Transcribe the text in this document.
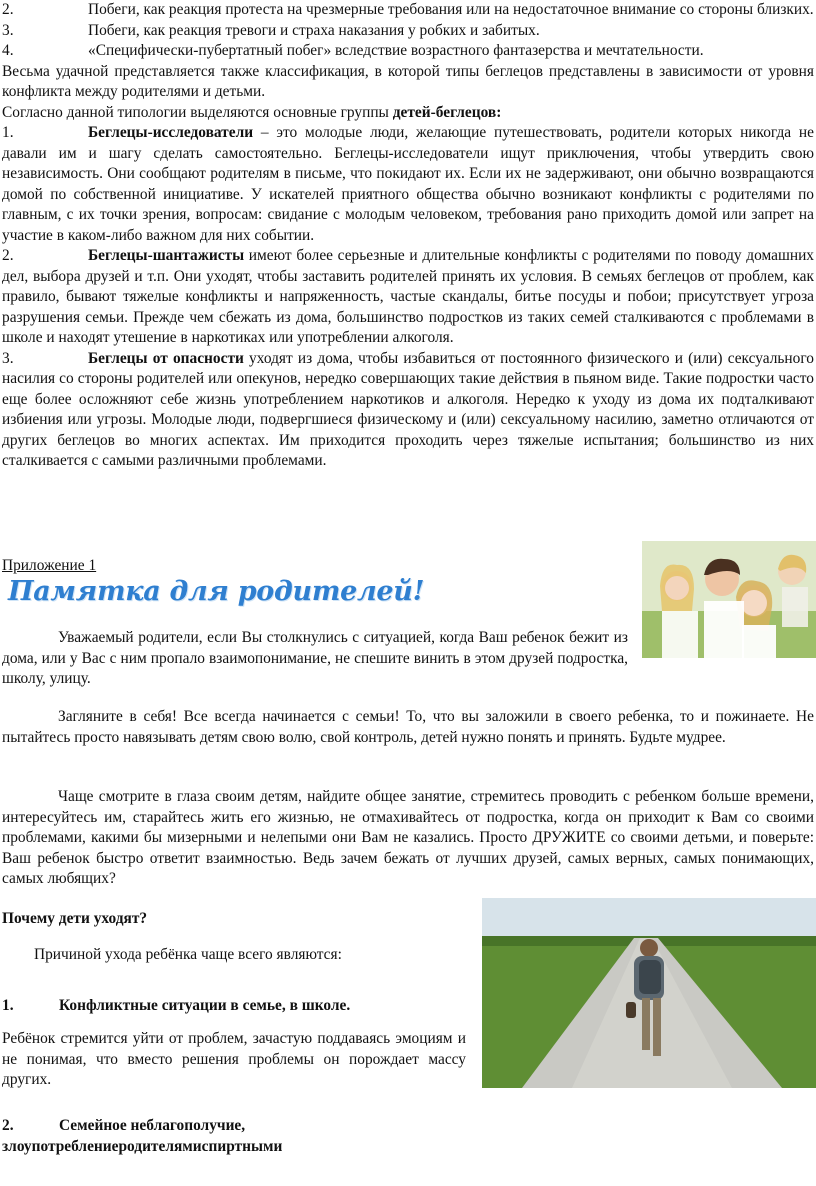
2.	Побеги, как реакция протеста на чрезмерные требования или на недостаточное внимание со стороны близких.

3.	Побеги, как реакция тревоги и страха наказания у робких и забитых.

4.	«Специфически-пубертатный побег» вследствие возрастного фантазерства и мечтательности.

Весьма удачной представляется также классификация, в которой типы беглецов представлены в зависимости от уровня конфликта между родителями и детьми.

Согласно данной типологии выделяются основные группы детей-беглецов:

1.	Беглецы-исследователи – это молодые люди, желающие путешествовать, родители которых никогда не давали им и шагу сделать самостоятельно. Беглецы-исследователи ищут приключения, чтобы утвердить свою независимость. Они сообщают родителям в письме, что покидают их. Если их не задерживают, они обычно возвращаются домой по собственной инициативе. У искателей приятного общества обычно возникают конфликты с родителями по главным, с их точки зрения, вопросам: свидание с молодым человеком, требования рано приходить домой или запрет на участие в каком-либо важном для них событии.

2.	Беглецы-шантажисты имеют более серьезные и длительные конфликты с родителями по поводу домашних дел, выбора друзей и т.п. Они уходят, чтобы заставить родителей принять их условия. В семьях беглецов от проблем, как правило, бывают тяжелые конфликты и напряженность, частые скандалы, битье посуды и побои; присутствует угроза разрушения семьи. Прежде чем сбежать из дома, большинство подростков из таких семей сталкиваются с проблемами в школе и находят утешение в наркотиках или употреблении алкоголя.

3.	Беглецы от опасности уходят из дома, чтобы избавиться от постоянного физического и (или) сексуального насилия со стороны родителей или опекунов, нередко совершающих такие действия в пьяном виде. Такие подростки часто еще более осложняют себе жизнь употреблением наркотиков и алкоголя. Нередко к уходу из дома их подталкивают избиения или угрозы. Молодые люди, подвергшиеся физическому и (или) сексуальному насилию, заметно отличаются от других беглецов во многих аспектах. Им приходится проходить через тяжелые испытания; большинство из них сталкивается с самыми различными проблемами.

Приложение 1
Памятка для родителей!

Уважаемый родители, если Вы столкнулись с ситуацией, когда Ваш ребенок бежит из дома, или у Вас с ним пропало взаимопонимание, не спешите винить в этом друзей подростка, школу, улицу.

Загляните в себя! Все всегда начинается с семьи! То, что вы заложили в своего ребенка, то и пожинаете. Не пытайтесь просто навязывать детям свою волю, свой контроль, детей нужно понять и принять. Будьте мудрее.

Чаще смотрите в глаза своим детям, найдите общее занятие, стремитесь проводить с ребенком больше времени, интересуйтесь им, старайтесь жить его жизнью, не отмахивайтесь от подростка, когда он приходит к Вам со своими проблемами, какими бы мизерными и нелепыми они Вам не казались. Просто ДРУЖИТЕ со своими детьми, и поверьте: Ваш ребенок быстро ответит взаимностью. Ведь зачем бежать от лучших друзей, самых верных, самых понимающих, самых любящих?

Почему дети уходят?
Причиной ухода ребёнка чаще всего являются:
1.	Конфликтные ситуации в семье, в школе.
Ребёнок стремится уйти от проблем, зачастую поддаваясь эмоциям и не понимая, что вместо решения проблемы он порождает массу других.
2.	Семейное неблагополучие,
злоупотреблениеродителямиспиртными
